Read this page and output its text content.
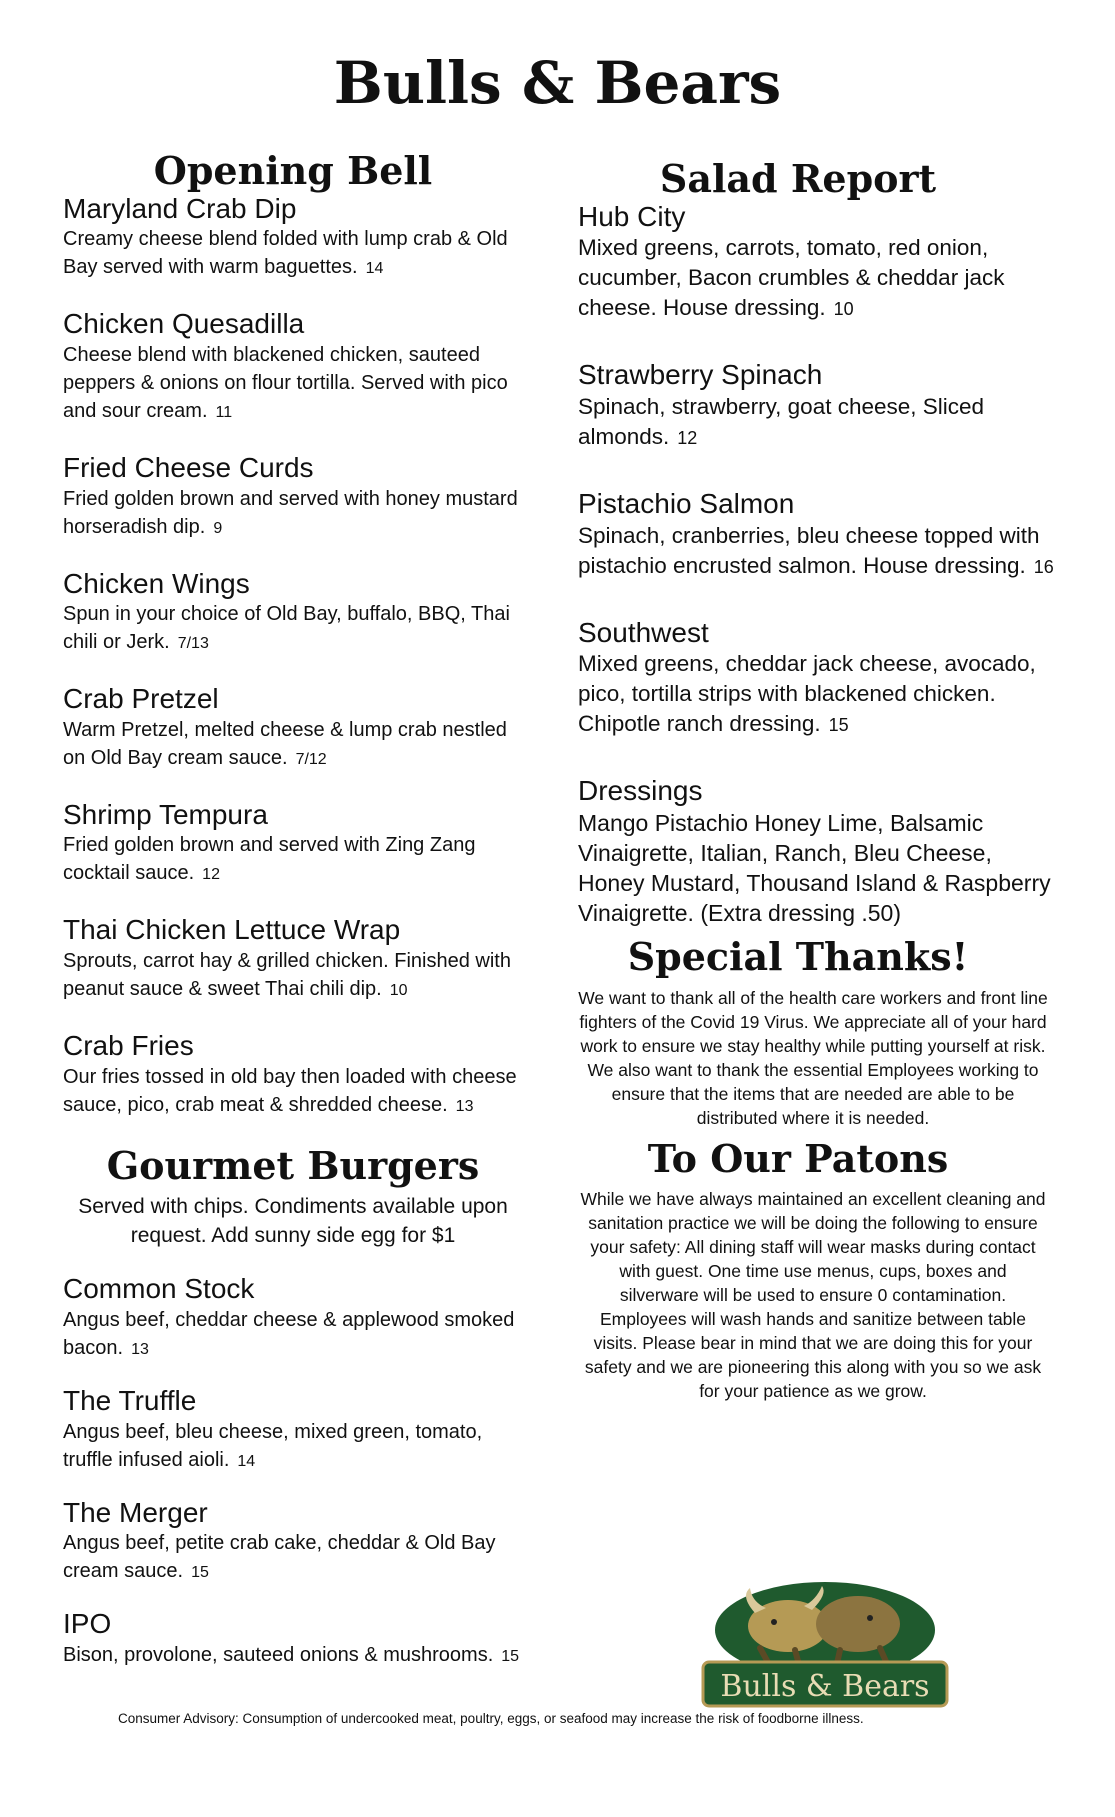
Bulls & Bears
Opening Bell

Maryland Crab Dip

Creamy cheese blend folded with lump crab & Old Bay served with warm baguettes. 14

Chicken Quesadilla

Cheese blend with blackened chicken, sauteed peppers & onions on flour tortilla. Served with pico and sour cream. 11

Fried Cheese Curds

Fried golden brown and served with honey mustard horseradish dip. 9

Chicken Wings

Spun in your choice of Old Bay, buffalo, BBQ, Thai chili or Jerk. 7/13

Crab Pretzel

Warm Pretzel, melted cheese & lump crab nestled on Old Bay cream sauce. 7/12

Shrimp Tempura

Fried golden brown and served with Zing Zang cocktail sauce. 12

Thai Chicken Lettuce Wrap

Sprouts, carrot hay & grilled chicken. Finished with peanut sauce & sweet Thai chili dip. 10

Crab Fries

Our fries tossed in old bay then loaded with cheese sauce, pico, crab meat & shredded cheese. 13

Gourmet Burgers

Served with chips. Condiments available upon request. Add sunny side egg for $1

Common Stock

Angus beef, cheddar cheese & applewood smoked bacon. 13

The Truffle

Angus beef, bleu cheese, mixed green, tomato, truffle infused aioli. 14

The Merger

Angus beef, petite crab cake, cheddar & Old Bay cream sauce. 15

IPO

Bison, provolone, sauteed onions & mushrooms. 15

Salad Report

Hub City

Mixed greens, carrots, tomato, red onion, cucumber, Bacon crumbles & cheddar jack cheese. House dressing. 10

Strawberry Spinach

Spinach, strawberry, goat cheese, Sliced almonds. 12

Pistachio Salmon

Spinach, cranberries, bleu cheese topped with pistachio encrusted salmon. House dressing. 16

Southwest

Mixed greens, cheddar jack cheese, avocado, pico, tortilla strips with blackened chicken. Chipotle ranch dressing. 15

Dressings

Mango Pistachio Honey Lime, Balsamic Vinaigrette, Italian, Ranch, Bleu Cheese, Honey Mustard, Thousand Island & Raspberry Vinaigrette. (Extra dressing .50)

Special Thanks!

We want to thank all of the health care workers and front line fighters of the Covid 19 Virus. We appreciate all of your hard work to ensure we stay healthy while putting yourself at risk. We also want to thank the essential Employees working to ensure that the items that are needed are able to be distributed where it is needed.

To Our Patons

While we have always maintained an excellent cleaning and sanitation practice we will be doing the following to ensure your safety: All dining staff will wear masks during contact with guest. One time use menus, cups, boxes and silverware will be used to ensure 0 contamination. Employees will wash hands and sanitize between table visits. Please bear in mind that we are doing this for your safety and we are pioneering this along with you so we ask for your patience as we grow.

Bulls & Bears

Consumer Advisory: Consumption of undercooked meat, poultry, eggs, or seafood may increase the risk of foodborne illness.
